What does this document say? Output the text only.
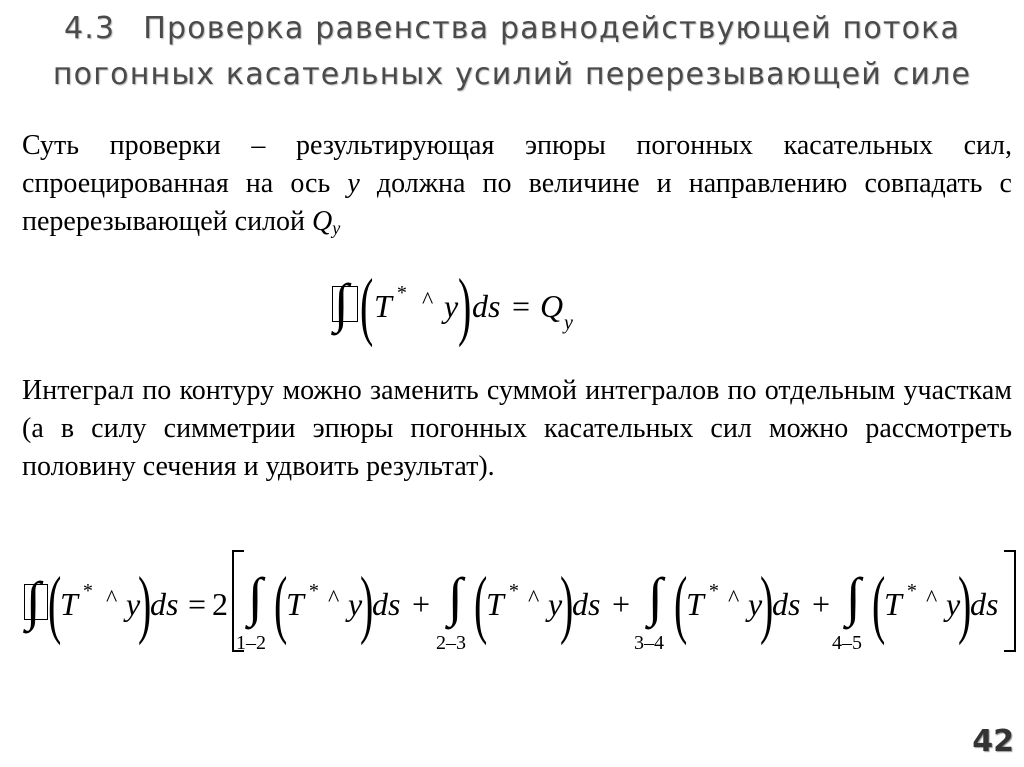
4.3 Проверка равенства равнодействующей потока
погонных касательных усилий перерезывающей силе
Суть проверки – результирующая эпюры погонных касательных сил, спроецированная на ось y должна по величине и направлению совпадать с перерезывающей силой $Q_y$
∫ ( T * ^ y ) ds = Q y
Интеграл по контуру можно заменить суммой интегралов по отдельным участкам (а в силу симметрии эпюры погонных касательных сил можно рассмотреть половину сечения и удвоить результат).
∫ (
T * ^ y
)
ds = 2 ∫
1–2 (
T * ^ y
)
ds + ∫
2–3 (
T * ^ y
)
ds + ∫
3–4 (
T * ^ y
)
ds + ∫
4–5 (
T * ^ y
)
ds
42
